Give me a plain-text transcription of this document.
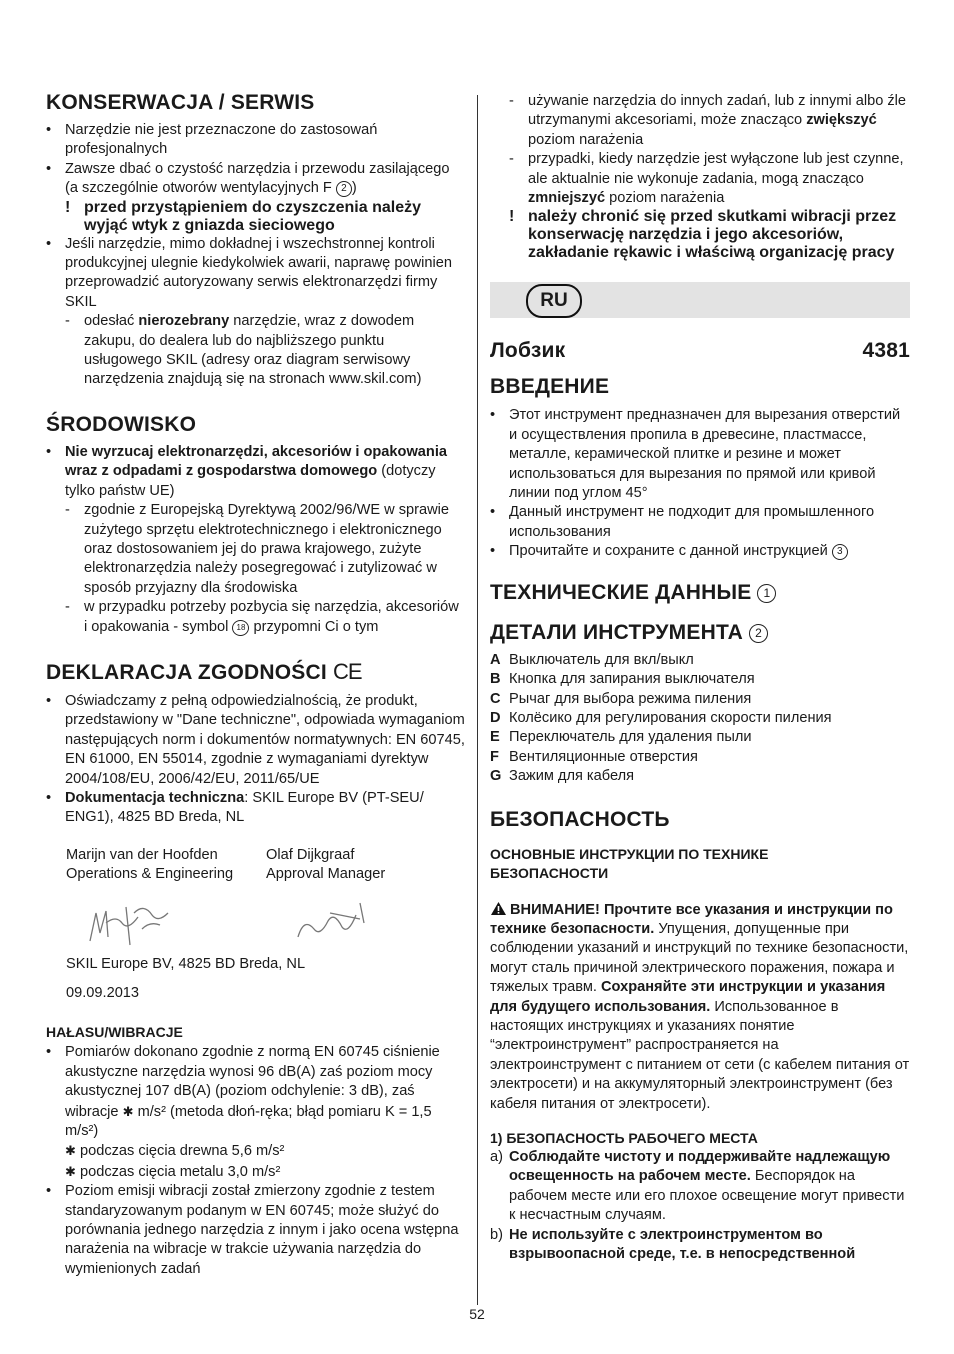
KONSERWACJA / SERWIS
• Narzędzie nie jest przeznaczone do zastosowań profesjonalnych
• Zawsze dbać o czystość narzędzia i przewodu zasilającego (a szczególnie otworów wentylacyjnych F 2 )
! przed przystąpieniem do czyszczenia należy wyjąć wtyk z gniazda sieciowego
• Jeśli narzędzie, mimo dokładnej i wszechstronnej kontroli produkcyjnej ulegnie kiedykolwiek awarii, naprawę powinien przeprowadzić autoryzowany serwis elektronarzędzi firmy SKIL
- odesłać nierozebrany narzędzie, wraz z dowodem zakupu, do dealera lub do najbliższego punktu usługowego SKIL (adresy oraz diagram serwisowy narzędzenia znajdują się na stronach www.skil.com)
ŚRODOWISKO
• Nie wyrzucaj elektronarzędzi, akcesoriów i opakowania wraz z odpadami z gospodarstwa domowego (dotyczy tylko państw UE)
- zgodnie z Europejską Dyrektywą 2002/96/WE w sprawie zużytego sprzętu elektrotechnicznego i elektronicznego oraz dostosowaniem jej do prawa krajowego, zużyte elektronarzędzia należy posegregować i zutylizować w sposób przyjazny dla środowiska
- w przypadku potrzeby pozbycia się narzędzia, akcesoriów i opakowania - symbol 18 przypomni Ci o tym
DEKLARACJA ZGODNOŚCI CE
• Oświadczamy z pełną odpowiedzialnością, że produkt, przedstawiony w "Dane techniczne", odpowiada wymaganiom następujących norm i dokumentów normatywnych: EN 60745, EN 61000, EN 55014, zgodnie z wymaganiami dyrektyw 2004/108/EU, 2006/42/EU, 2011/65/UE
• Dokumentacja techniczna: SKIL Europe BV (PT-SEU/ ENG1), 4825 BD Breda, NL

Marijn van der Hoofden

Operations & Engineering

Olaf Dijkgraaf

Approval Manager

SKIL Europe BV, 4825 BD Breda, NL

09.09.2013

HAŁASU/WIBRACJE
• Pomiarów dokonano zgodnie z normą EN 60745 ciśnienie akustyczne narzędzia wynosi 96 dB(A) zaś poziom mocy akustycznej 107 dB(A) (poziom odchylenie: 3 dB), zaś wibracje ✱ m/s² (metoda dłoń-ręka; błąd pomiaru K = 1,5 m/s²)
✱ podczas cięcia drewna 5,6 m/s²
✱ podczas cięcia metalu 3,0 m/s²
• Poziom emisji wibracji został zmierzony zgodnie z testem standaryzowanym podanym w EN 60745; może służyć do porównania jednego narzędzia z innym i jako ocena wstępna narażenia na wibracje w trakcie używania narzędzia do wymienionych zadań
- używanie narzędzia do innych zadań, lub z innymi albo źle utrzymanymi akcesoriami, może znacząco zwiększyć poziom narażenia
- przypadki, kiedy narzędzie jest wyłączone lub jest czynne, ale aktualnie nie wykonuje zadania, mogą znacząco zmniejszyć poziom narażenia
! należy chronić się przed skutkami wibracji przez konserwację narzędzia i jego akcesoriów, zakładanie rękawic i właściwą organizację pracy
RU
Лобзик	4381
ВВЕДЕНИЕ
• Этот инструмент предназначен для вырезания отверстий и осуществления пропила в древесине, пластмассе, металле, керамической плитке и резине и может использоваться для вырезания по прямой или кривой линии под углом 45°
• Данный инструмент не подходит для промышленного использования
• Прочитайте и сохраните с данной инструкцией 3
ТЕХНИЧЕСКИЕ ДАННЫЕ 1
ДЕТАЛИ ИНСТРУМЕНТА 2
A Выключатель для вкл/выкл
B Кнопка для запирания выключателя
C Рычаг для выбора режима пиления
D Колёсико для регулирования скорости пиления
E Переключатель для удаления пыли
F Вентиляционные отверстия
G Зажим для кабеля
БЕЗОПАСНОСТЬ
ОСНОВНЫЕ ИНСТРУКЦИИ ПО ТЕХНИКЕ БЕЗОПАСНОСТИ

ВНИМАНИЕ! Прочтите все указания и инструкции по технике безопасности. Упущения, допущенные при соблюдении указаний и инструкций по технике безопасности, могут сталь причиной электрического поражения, пожара и тяжелых травм. Сохраняйте эти инструкции и указания для будущего использования. Использованное в настоящих инструкциях и указаниях понятие “электроинструмент” распространяется на электроинструмент с питанием от сети (с кабелем питания от электросети) и на аккумуляторный электроинструмент (без кабеля питания от электросети).

1) БЕЗОПАСНОСТЬ РАБОЧЕГО МЕСТА
a) Соблюдайте чистоту и поддерживайте надлежащую освещенность на рабочем месте. Беспорядок на рабочем месте или его плохое освещение могут привести к несчастным случаям.
b) Не используйте с электроинструментом во взрывоопасной среде, т.е. в непосредственной
52
